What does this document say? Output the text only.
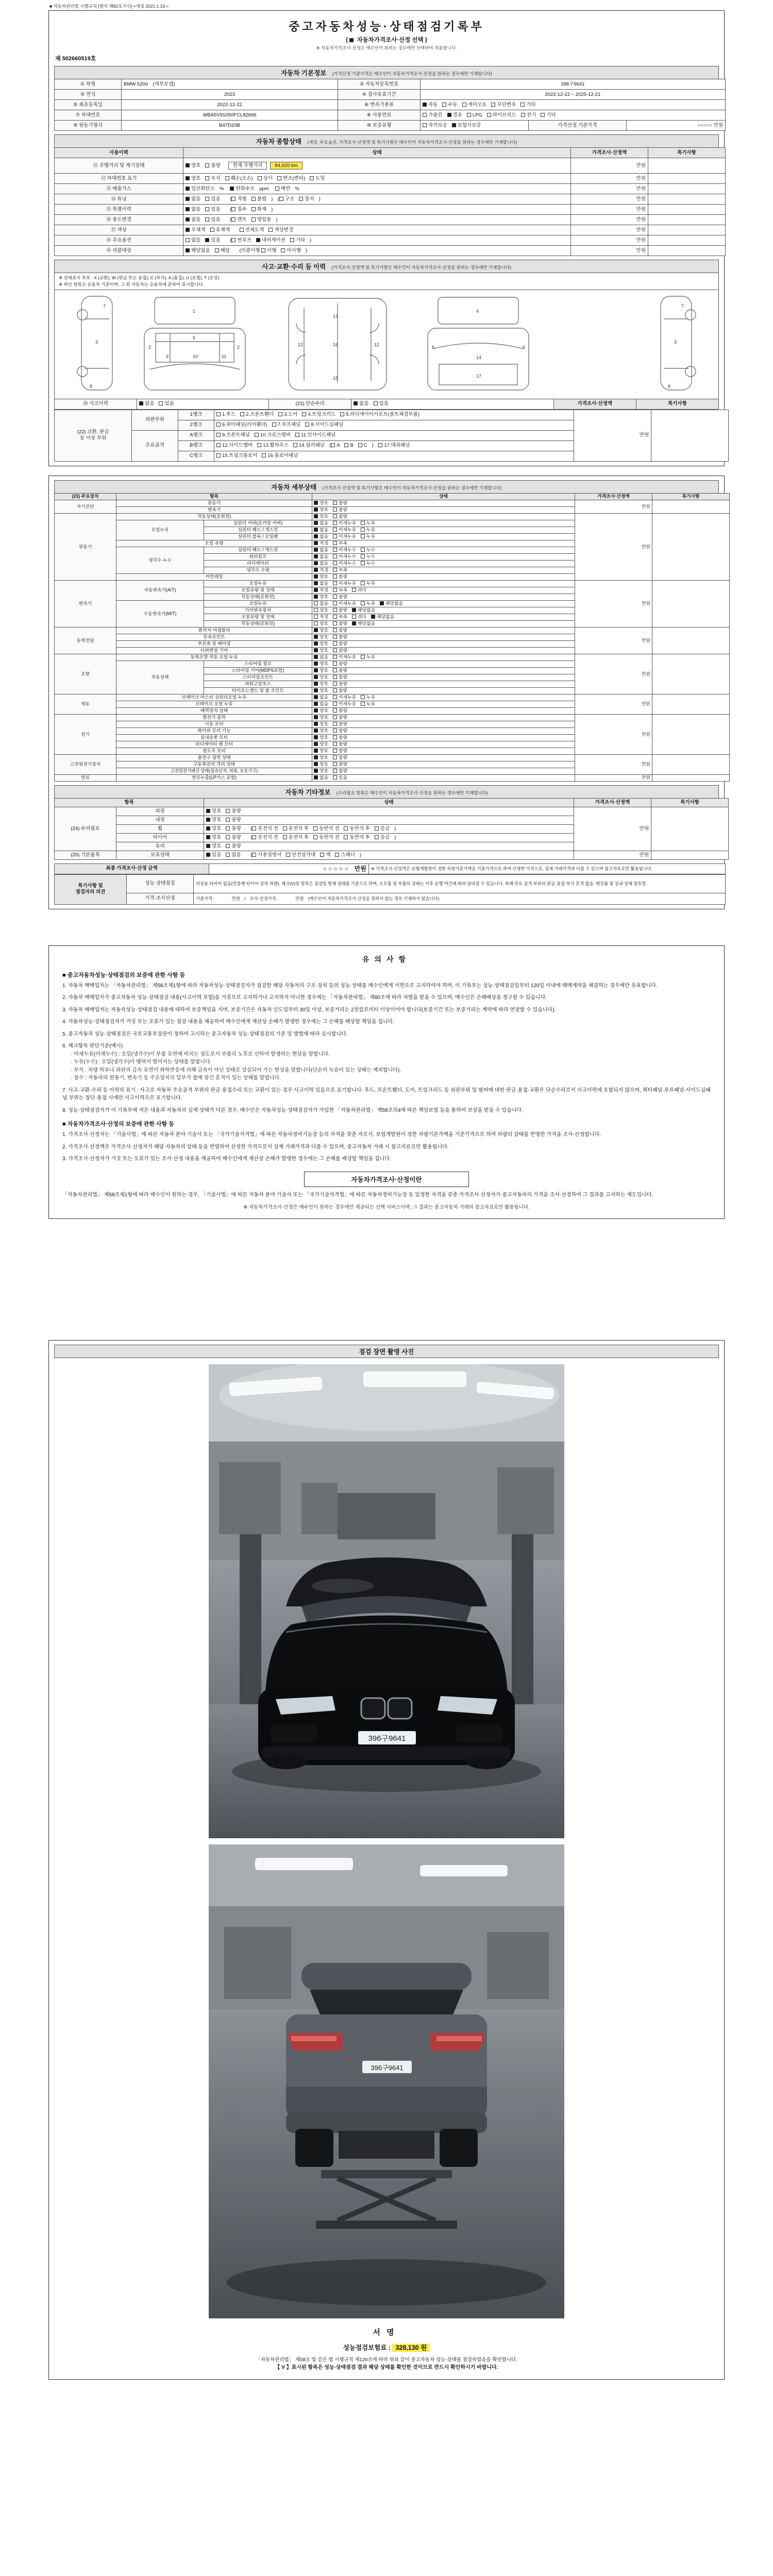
■ 자동차관리법 시행규칙 [별지 제82호서식] <개정 2021.1.19.>
중고자동차성능·상태점검기록부
( 자동차가격조사·산정 선택 )
※ 자동차가격조사·산정은 매수인이 원하는 경우에만 선택하여 적용합니다.
제 502660519호
자동차 기본정보 (가격산정 기준가격은 매수인이 자동차가격조사·산정을 원하는 경우에만 기재합니다)
① 차명	BMW 520d　(세부모델)	② 자동차등록번호	396구9641		
③ 연식	2023	④ 검사유효기간	2022-12-22 ~ 2025-12-21		
⑤ 최초등록일	2022-12-22	⑥ 변속기종류	자동 수동 세미오토 무단변속 기타		
⑦ 차대번호	WBA5V91050FCL82666	⑧ 사용연료	가솔린 경유 LPG 하이브리드 전기 기타		
⑨ 원동기형식	B47D20B	⑩ 보증유형	자가보증 보험사보증	가격산정 기준가격	○○○○○ 만원
자동차 종합상태 (색상, 주요옵션, 가격조사·산정액 및 특기사항은 매수인이 자동차가격조사·산정을 원하는 경우에만 기재합니다)
사용이력	상태	가격조사·산정액	특기사항
⑪ 주행거리 및 계기상태	양호 불량 현재 주행거리 84,620 km	만원	
⑫ 차대번호 표기	양호 부식 훼손(오손) 상이 변조(변타) 도말	만원	
⑬ 배출가스	일산화탄소 %　 탄화수소 ppm　 매연 %	만원	
⑭ 튜닝	없음 있음　( 적법 불법 )　( 구조 장치 )	만원	
⑮ 특별이력	없음 있음　( 침수 화재 )	만원	
⑯ 용도변경	없음 있음　( 렌트 영업용 )	만원	
⑰ 색상	무채색 유채색　 전체도색 색상변경	만원	
⑱ 주요옵션	없음 있음　( 썬루프 네비게이션 기타 )	만원	
⑲ 리콜대상	해당없음 해당　(리콜이행 이행 미이행 )	만원	
사고·교환·수리 등 이력 (가격조사·산정액 및 특기사항은 매수인이 자동차가격조사·산정을 원하는 경우에만 기재합니다)
※ 상태표시 부호 : X (교환), W (판금 또는 용접), C (부식), A (흠집), U (요철), T (손상)
※ 하단 항목은 승용차 기준이며, 그 외 자동차는 승용차에 준하여 표시합니다.
3
7
8
1
2	2
5
9	10	11
12	12
13
15
16
4
6	6
14
17
3
7
8
⑳ 사고이력	없음 있음	(21) 단순수리	없음 있음	가격조사·산정액	특기사항
(22) 교환, 판금
등 이상 부위	외판부위	1랭크	1.후드 2.프론트휀더 3.도어 4.트렁크리드 5.라디에이터서포트(볼트체결부품)	만원	
		2랭크	6.쿼터패널(리어휀더) 7.루프패널 8.사이드실패널		
	주요골격	A랭크	9.프론트패널 10.크로스멤버 11.인사이드패널		
		B랭크	12.사이드멤버 13.휠하우스 14.필러패널 ( A B C )　17.대쉬패널		
		C랭크	15.트렁크플로어 16.플로어패널		
자동차 세부상태 (가격조사·산정액 및 특기사항은 매수인이 자동차가격조사·산정을 원하는 경우에만 기재합니다)
(23) 주요장치	항목		상태	가격조사·산정액	특기사항
자기진단	원동기		양호 불량	만원	
	변속기		양호 불량		
원동기	작동상태(공회전)		양호 불량	만원	
	오일누유	실린더 커버(로커암 커버)	없음 미세누유 누유		
		실린더 헤드 / 개스킷	없음 미세누유 누유		
		실린더 블록 / 오일팬	없음 미세누유 누유		
	오일 유량		적정 부족		
	냉각수 누수	실린더 헤드 / 개스킷	없음 미세누수 누수		
		워터펌프	없음 미세누수 누수		
		라디에이터	없음 미세누수 누수		
		냉각수 수량	적정 부족		
	커먼레일		양호 불량		
변속기	자동변속기(A/T)	오일누유	없음 미세누유 누유	만원	
		오일유량 및 상태	적정 부족 과다		
		작동상태(공회전)	양호 불량		
	수동변속기(M/T)	오일누유	없음 미세누유 누유 해당없음		
		기어변속장치	양호 불량 해당없음		
		오일유량 및 상태	적정 부족 과다 해당없음		
		작동상태(공회전)	양호 불량 해당없음		
동력전달	클러치 어셈블리		양호 불량	만원	
	등속조인트		양호 불량		
	추진축 및 베어링		양호 불량		
	디퍼렌셜 기어		양호 불량		
조향	동력조향 작동 오일 누유		없음 미세누유 누유	만원	
	작동상태	스티어링 펌프	양호 불량		
		스티어링 기어(MDPS포함)	양호 불량		
		스티어링조인트	양호 불량		
		파워고압호스	양호 불량		
		타이로드엔드 및 볼 조인트	양호 불량		
제동	브레이크 마스터 실린더오일 누유		없음 미세누유 누유	만원	
	브레이크 오일 누유		없음 미세누유 누유		
	배력장치 상태		양호 불량		
전기	발전기 출력		양호 불량	만원	
	시동 모터		양호 불량		
	와이퍼 모터 기능		양호 불량		
	실내송풍 모터		양호 불량		
	라디에이터 팬 모터		양호 불량		
	윈도우 모터		양호 불량		
고전원전기장치	충전구 절연 상태		양호 불량	만원	
	구동축전지 격리 상태		양호 불량		
	고전원전기배선 상태(접속단자, 피복, 보호기구)		양호 불량		
연료	연료누출(LP가스 포함)		없음 있음	만원	
자동차 기타정보 (수리필요 항목은 매수인이 자동차가격조사·산정을 원하는 경우에만 기재합니다)
항목		상태	가격조사·산정액	특기사항
(24) 수리필요	외장	양호 불량	만원	
	내장	양호 불량		
	휠	양호 불량　( 운전석 전 운전석 후 동반석 전 동반석 후 응급 )		
	타이어	양호 불량　( 운전석 전 운전석 후 동반석 전 동반석 후 응급 )		
	유리	양호 불량		
(25) 기본품목	보유상태	있음 없음　( 사용설명서 안전삼각대 잭 스패너 )	만원	
최종 가격조사·산정 금액	○ ○ ○ ○ ○　만원	※ 가격조사·산정액은 보험개발원이 정한 차량기준가액을 기준가격으로 하여 산정한 가격으로, 실제 거래가격과 다를 수 있으며 참고자료로만 활용됩니다.
특기사항 및
점검자의 의견	성능·상태점검	비상용 타이어 없음(런플랫 타이어 장착 차량). 체크(V)된 항목은 점검일 현재 상태를 기준으로 하며, 소모품 및 부품의 상태는 이후 운행 여건에 따라 달라질 수 있습니다. 하체 주요 골격 부위의 판금·용접·부식 흔적 없음. 엔진룸 및 실내 상태 양호함.
	가격·조사산정	기준가격 :　　　　만원　/　조사·산정가격 :　　　　만원　(매수인이 자동차가격조사·산정을 원하지 않는 경우 기재하지 않습니다)
유의사항
■ 중고자동차성능·상태점검의 보증에 관한 사항 등
1. 자동차 매매업자는 「자동차관리법」 제58조제1항에 따라 자동차성능·상태점검자가 점검한 해당 자동차의 구조·장치 등의 성능·상태를 매수인에게 서면으로 고지하여야 하며, 이 기록부는 성능·상태점검일부터 120일 이내에 매매계약을 체결하는 경우에만 유효합니다.
2. 자동차 매매업자가 중고자동차 성능·상태점검 내용(사고이력 포함)을 거짓으로 고지하거나 고지하지 아니한 경우에는 「자동차관리법」 제80조에 따라 처벌을 받을 수 있으며, 매수인은 손해배상을 청구할 수 있습니다.
3. 자동차 매매업자는 자동차성능·상태점검 내용에 대하여 보증책임을 지며, 보증기간은 자동차 인도일부터 30일 이상, 보증거리는 2천킬로미터 이상이어야 합니다(보증기간 또는 보증거리는 계약에 따라 연장할 수 있습니다).
4. 자동차성능·상태점검자가 거짓 또는 오류가 있는 점검 내용을 제공하여 매수인에게 재산상 손해가 발생한 경우에는 그 손해를 배상할 책임을 집니다.
5. 중고자동차 성능·상태점검은 국토교통부장관이 정하여 고시하는 중고자동차 성능·상태점검의 기준 및 방법에 따라 실시합니다.
6. 체크항목 판단기준(예시)
· 미세누유(미세누수) : 오일(냉각수)이 부품 표면에 비치는 정도로서 부품의 노후로 인하여 발생하는 현상을 말합니다.
· 누유(누수) : 오일(냉각수)이 맺혀서 떨어지는 상태를 말합니다.
· 부식 : 차량 하부나 외판의 금속 표면이 화학반응에 의해 금속이 아닌 상태로 상실되어 가는 현상을 말합니다(단순히 녹슬어 있는 상태는 제외합니다).
· 침수 : 자동차의 원동기, 변속기 등 주요장치의 일부가 물에 잠긴 흔적이 있는 상태를 말합니다.
7. 사고·교환·수리 등 이력의 표기 : 사고로 자동차 주요골격 부위의 판금·용접수리 또는 교환이 있는 경우 사고이력 있음으로 표기합니다. 후드, 프론트휀더, 도어, 트렁크리드 등 외판부위 및 범퍼에 대한 판금·용접·교환은 단순수리로서 사고이력에 포함되지 않으며, 쿼터패널·루프패널·사이드실패널 부위는 절단·용접 시에만 사고이력으로 표기합니다.
8. 성능·상태점검자가 이 기록부에 적은 내용과 자동차의 실제 상태가 다른 경우, 매수인은 자동차성능·상태점검자가 가입한 「자동차관리법」 제58조의4에 따른 책임보험 등을 통하여 보상을 받을 수 있습니다.
■ 자동차가격조사·산정의 보증에 관한 사항 등
1. 가격조사·산정자는 「기술사법」에 따른 자동차 분야 기술사 또는 「국가기술자격법」에 따른 자동차정비기능장 등의 자격을 갖춘 자로서, 보험개발원이 정한 차량기준가액을 기준가격으로 하여 차량의 상태를 반영한 가격을 조사·산정합니다.
2. 가격조사·산정액은 가격조사·산정자가 해당 자동차의 상태 등을 반영하여 산정한 가격으로서 실제 거래가격과 다를 수 있으며, 중고자동차 거래 시 참고자료로만 활용됩니다.
3. 가격조사·산정자가 거짓 또는 오류가 있는 조사·산정 내용을 제공하여 매수인에게 재산상 손해가 발생한 경우에는 그 손해를 배상할 책임을 집니다.
자동차가격조사·산정이란
「자동차관리법」 제58조제1항에 따라 매수인이 원하는 경우, 「기술사법」에 따른 자동차 분야 기술사 또는 「국가기술자격법」에 따른 자동차정비기능장 등 일정한 자격을 갖춘 가격조사·산정자가 중고자동차의 가격을 조사·산정하여 그 결과를 고지하는 제도입니다.
※ 자동차가격조사·산정은 매수인이 원하는 경우에만 제공되는 선택 서비스이며, 그 결과는 중고자동차 거래의 참고자료로만 활용됩니다.
점검 장면 촬영 사진
396구9641
396구9641
서명
성능점검보험료 : 328,130 원
「자동차관리법」 제58조 및 같은 법 시행규칙 제120조에 따라 위와 같이 중고자동차 성능·상태를 점검하였음을 확인합니다.
【 V 】표시된 항목은 성능·상태점검 결과 해당 상태를 확인한 것이므로 반드시 확인하시기 바랍니다.
